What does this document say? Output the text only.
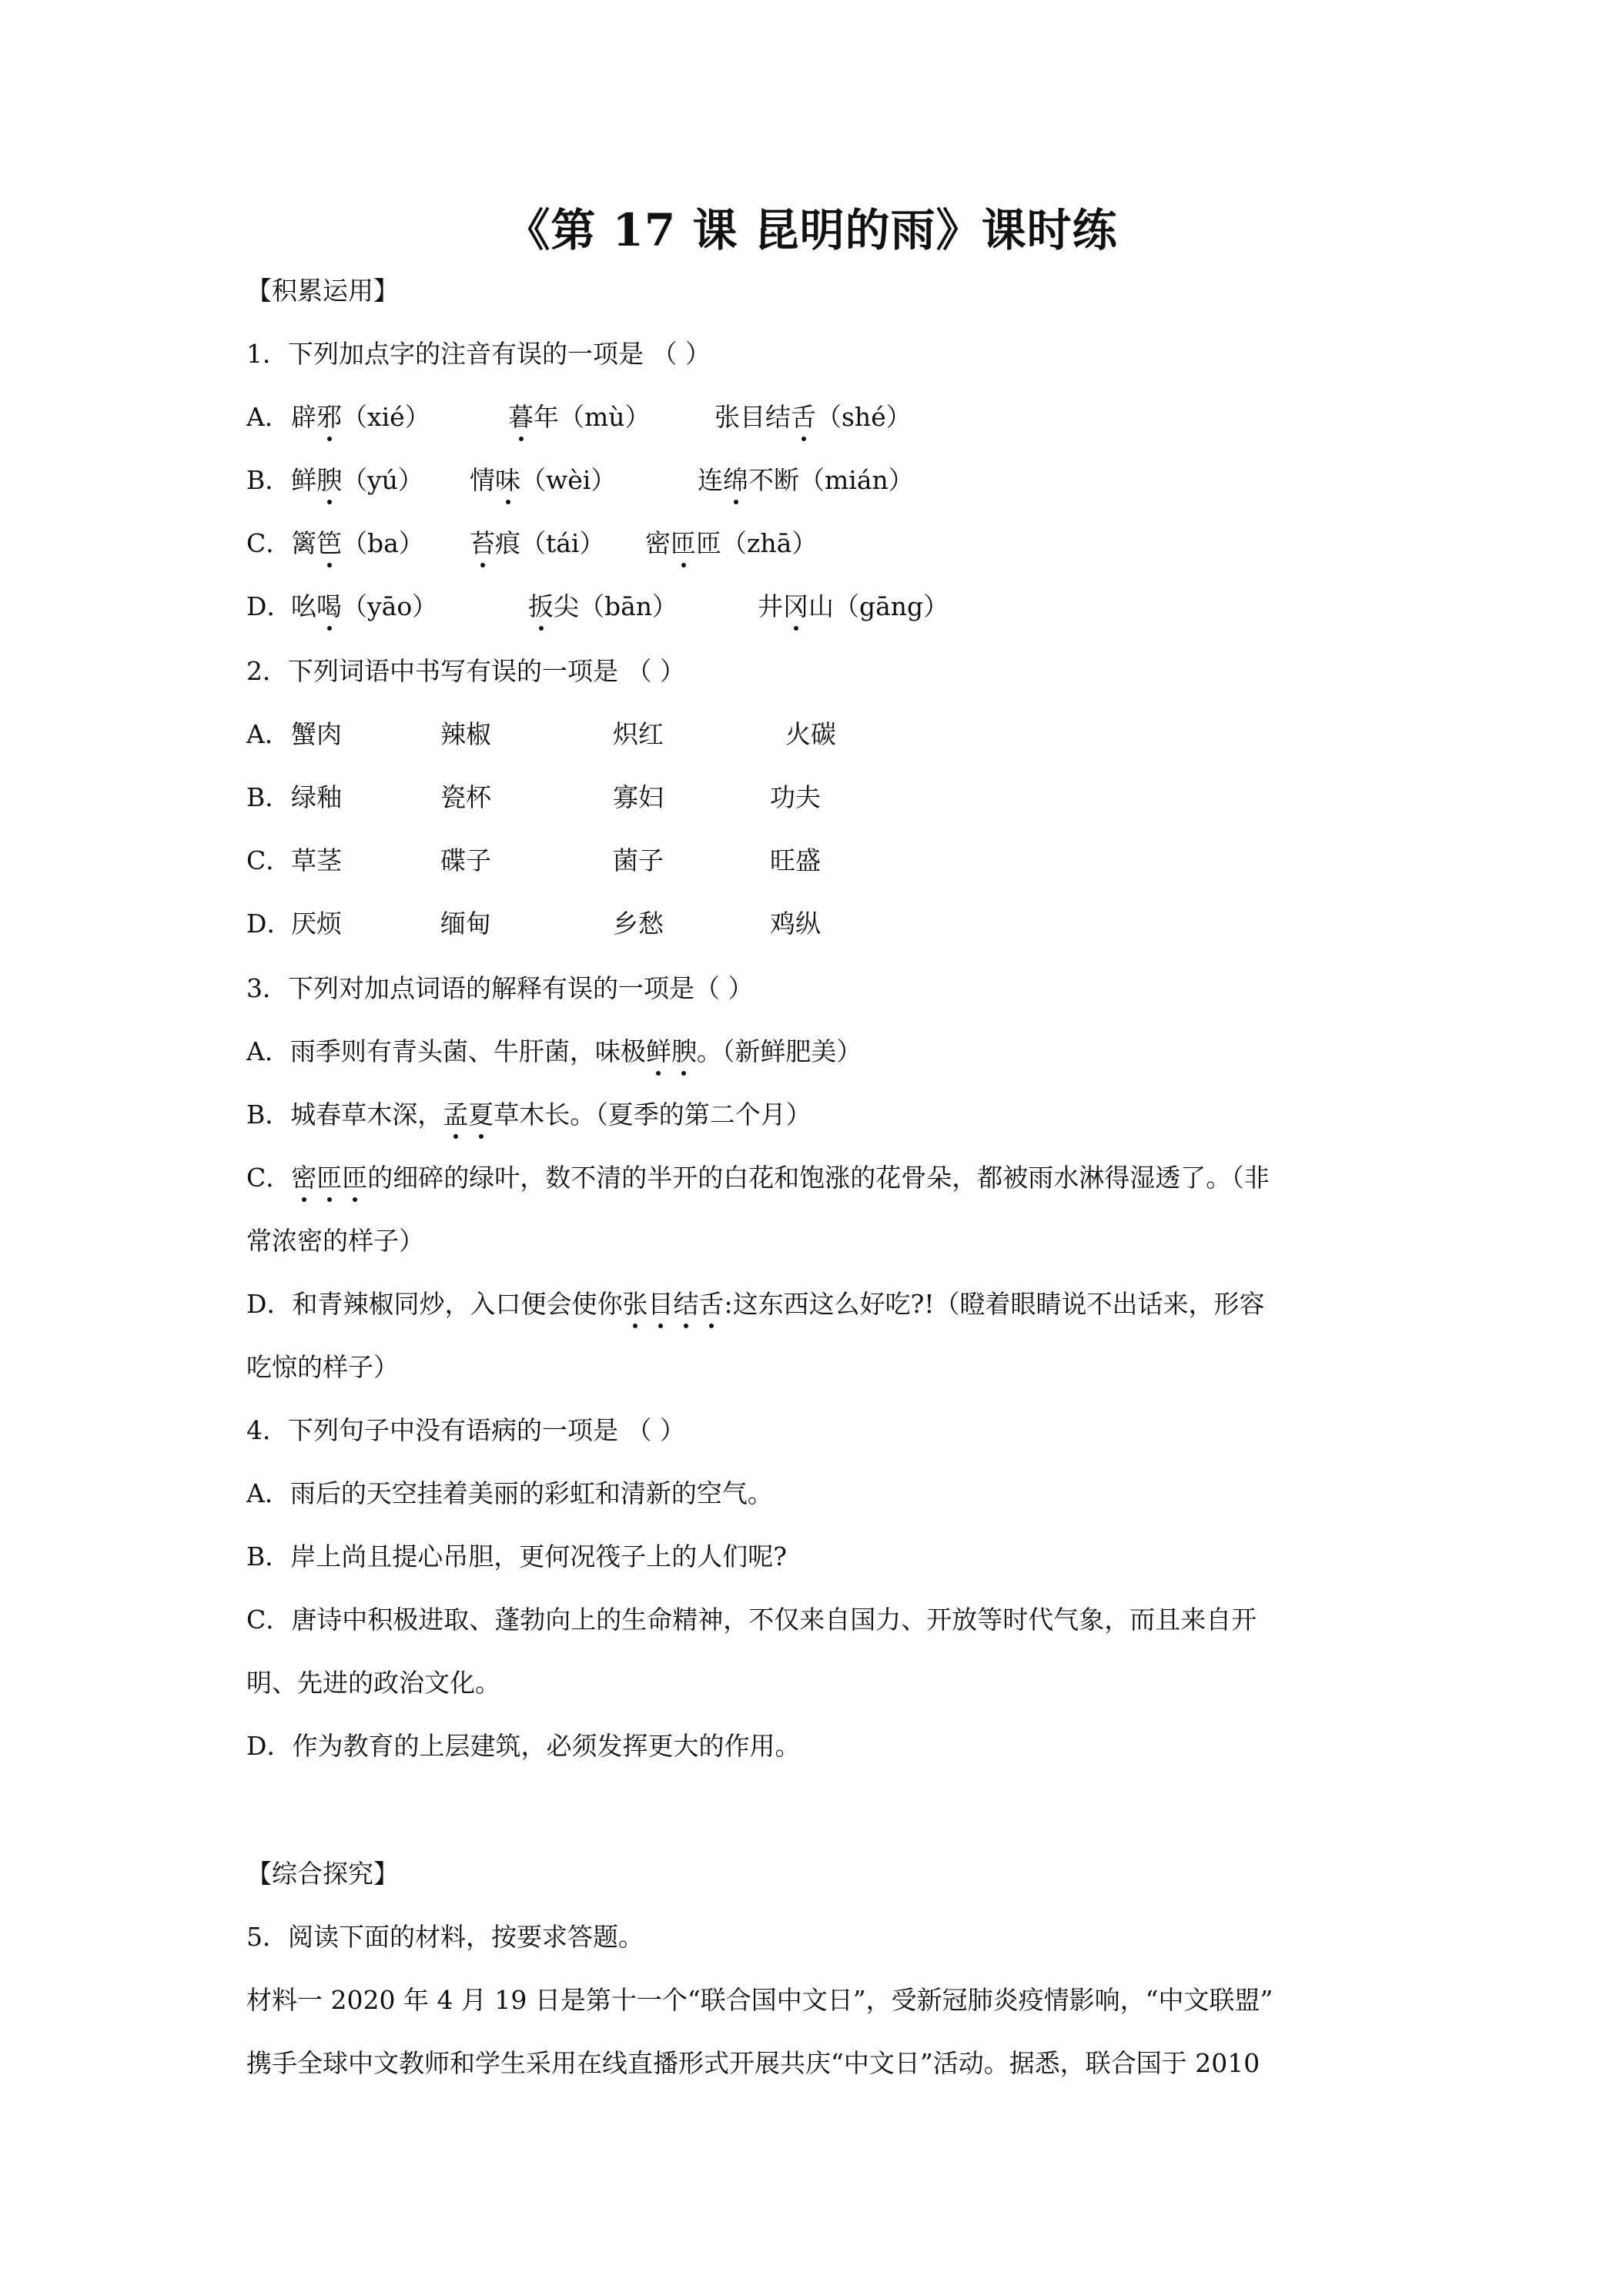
《第 17 课 昆明的雨》课时练
【积累运用】
1．下列加点字的注音有误的一项是 （ ）
A． 辟邪（xié）	暮年（mù）	张目结舌（shé）
B． 鲜腴（yú） 情味（wèi）	连绵不断（mián）
C． 篱笆（ba） 苔痕（tái） 密匝匝（zhā）
D．
吆喝（yāo）	扳尖（bān）	井冈山（gāng）
2．下列词语中书写有误的一项是 （ ）
A． 蟹肉	辣椒	炽红	火碳
B． 绿釉	瓷杯	寡妇	功夫
C． 草茎	碟子	菌子	旺盛
D．
厌烦	缅甸	乡愁	鸡纵
3．下列对加点词语的解释有误的一项是（ ）
A．雨季则有青头菌、牛肝菌，味极鲜腴。（新鲜肥美）
B．城春草木深，孟夏草木长。（夏季的第二个月）
C．密匝匝的细碎的绿叶，数不清的半开的白花和饱涨的花骨朵，都被雨水淋得湿透了。（非
常浓密的样子）
D．和青辣椒同炒，入口便会使你张目结舌:这东西这么好吃?!（瞪着眼睛说不出话来，形容
吃惊的样子）
4．下列句子中没有语病的一项是 （ ）
A．雨后的天空挂着美丽的彩虹和清新的空气。
B．岸上尚且提心吊胆，更何况筏子上的人们呢?
C．唐诗中积极进取、蓬勃向上的生命精神，不仅来自国力、开放等时代气象，而且来自开
明、先进的政治文化。
D．作为教育的上层建筑，必须发挥更大的作用。
【综合探究】
5．阅读下面的材料，按要求答题。
材料一 2020 年 4 月 19 日是第十一个“联合国中文日”，受新冠肺炎疫情影响，“中文联盟”
携手全球中文教师和学生采用在线直播形式开展共庆“中文日”活动。据悉，联合国于 2010
